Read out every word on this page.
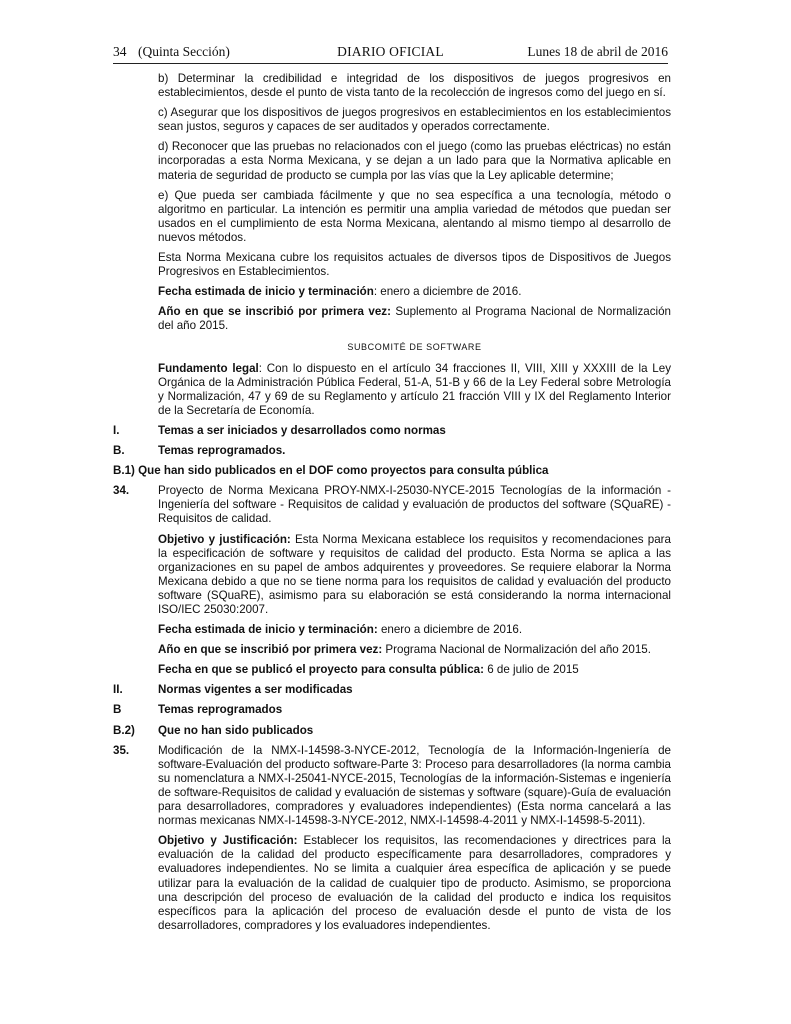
34 (Quinta Sección)	DIARIO OFICIAL	Lunes 18 de abril de 2016

b) Determinar la credibilidad e integridad de los dispositivos de juegos progresivos en establecimientos, desde el punto de vista tanto de la recolección de ingresos como del juego en sí.

c) Asegurar que los dispositivos de juegos progresivos en establecimientos en los establecimientos sean justos, seguros y capaces de ser auditados y operados correctamente.

d) Reconocer que las pruebas no relacionados con el juego (como las pruebas eléctricas) no están incorporadas a esta Norma Mexicana, y se dejan a un lado para que la Normativa aplicable en materia de seguridad de producto se cumpla por las vías que la Ley aplicable determine;

e) Que pueda ser cambiada fácilmente y que no sea específica a una tecnología, método o algoritmo en particular. La intención es permitir una amplia variedad de métodos que puedan ser usados en el cumplimiento de esta Norma Mexicana, alentando al mismo tiempo al desarrollo de nuevos métodos.

Esta Norma Mexicana cubre los requisitos actuales de diversos tipos de Dispositivos de Juegos Progresivos en Establecimientos.

Fecha estimada de inicio y terminación: enero a diciembre de 2016.

Año en que se inscribió por primera vez: Suplemento al Programa Nacional de Normalización del año 2015.

SUBCOMITÉ DE SOFTWARE

Fundamento legal: Con lo dispuesto en el artículo 34 fracciones II, VIII, XIII y XXXIII de la Ley Orgánica de la Administración Pública Federal, 51-A, 51-B y 66 de la Ley Federal sobre Metrología y Normalización, 47 y 69 de su Reglamento y artículo 21 fracción VIII y IX del Reglamento Interior de la Secretaría de Economía.

I.	Temas a ser iniciados y desarrollados como normas
B.	Temas reprogramados.
B.1) Que han sido publicados en el DOF como proyectos para consulta pública
34.	Proyecto de Norma Mexicana PROY-NMX-I-25030-NYCE-2015 Tecnologías de la información - Ingeniería del software - Requisitos de calidad y evaluación de productos del software (SQuaRE) - Requisitos de calidad.

Objetivo y justificación: Esta Norma Mexicana establece los requisitos y recomendaciones para la especificación de software y requisitos de calidad del producto. Esta Norma se aplica a las organizaciones en su papel de ambos adquirentes y proveedores. Se requiere elaborar la Norma Mexicana debido a que no se tiene norma para los requisitos de calidad y evaluación del producto software (SQuaRE), asimismo para su elaboración se está considerando la norma internacional ISO/IEC 25030:2007.

Fecha estimada de inicio y terminación: enero a diciembre de 2016.

Año en que se inscribió por primera vez: Programa Nacional de Normalización del año 2015.

Fecha en que se publicó el proyecto para consulta pública: 6 de julio de 2015

II.	Normas vigentes a ser modificadas
B	Temas reprogramados
B.2)	Que no han sido publicados
35.	Modificación de la NMX-I-14598-3-NYCE-2012, Tecnología de la Información-Ingeniería de software-Evaluación del producto software-Parte 3: Proceso para desarrolladores (la norma cambia su nomenclatura a NMX-I-25041-NYCE-2015, Tecnologías de la información-Sistemas e ingeniería de software-Requisitos de calidad y evaluación de sistemas y software (square)-Guía de evaluación para desarrolladores, compradores y evaluadores independientes) (Esta norma cancelará a las normas mexicanas NMX-I-14598-3-NYCE-2012, NMX-I-14598-4-2011 y NMX-I-14598-5-2011).

Objetivo y Justificación: Establecer los requisitos, las recomendaciones y directrices para la evaluación de la calidad del producto específicamente para desarrolladores, compradores y evaluadores independientes. No se limita a cualquier área específica de aplicación y se puede utilizar para la evaluación de la calidad de cualquier tipo de producto. Asimismo, se proporciona una descripción del proceso de evaluación de la calidad del producto e indica los requisitos específicos para la aplicación del proceso de evaluación desde el punto de vista de los desarrolladores, compradores y los evaluadores independientes.
